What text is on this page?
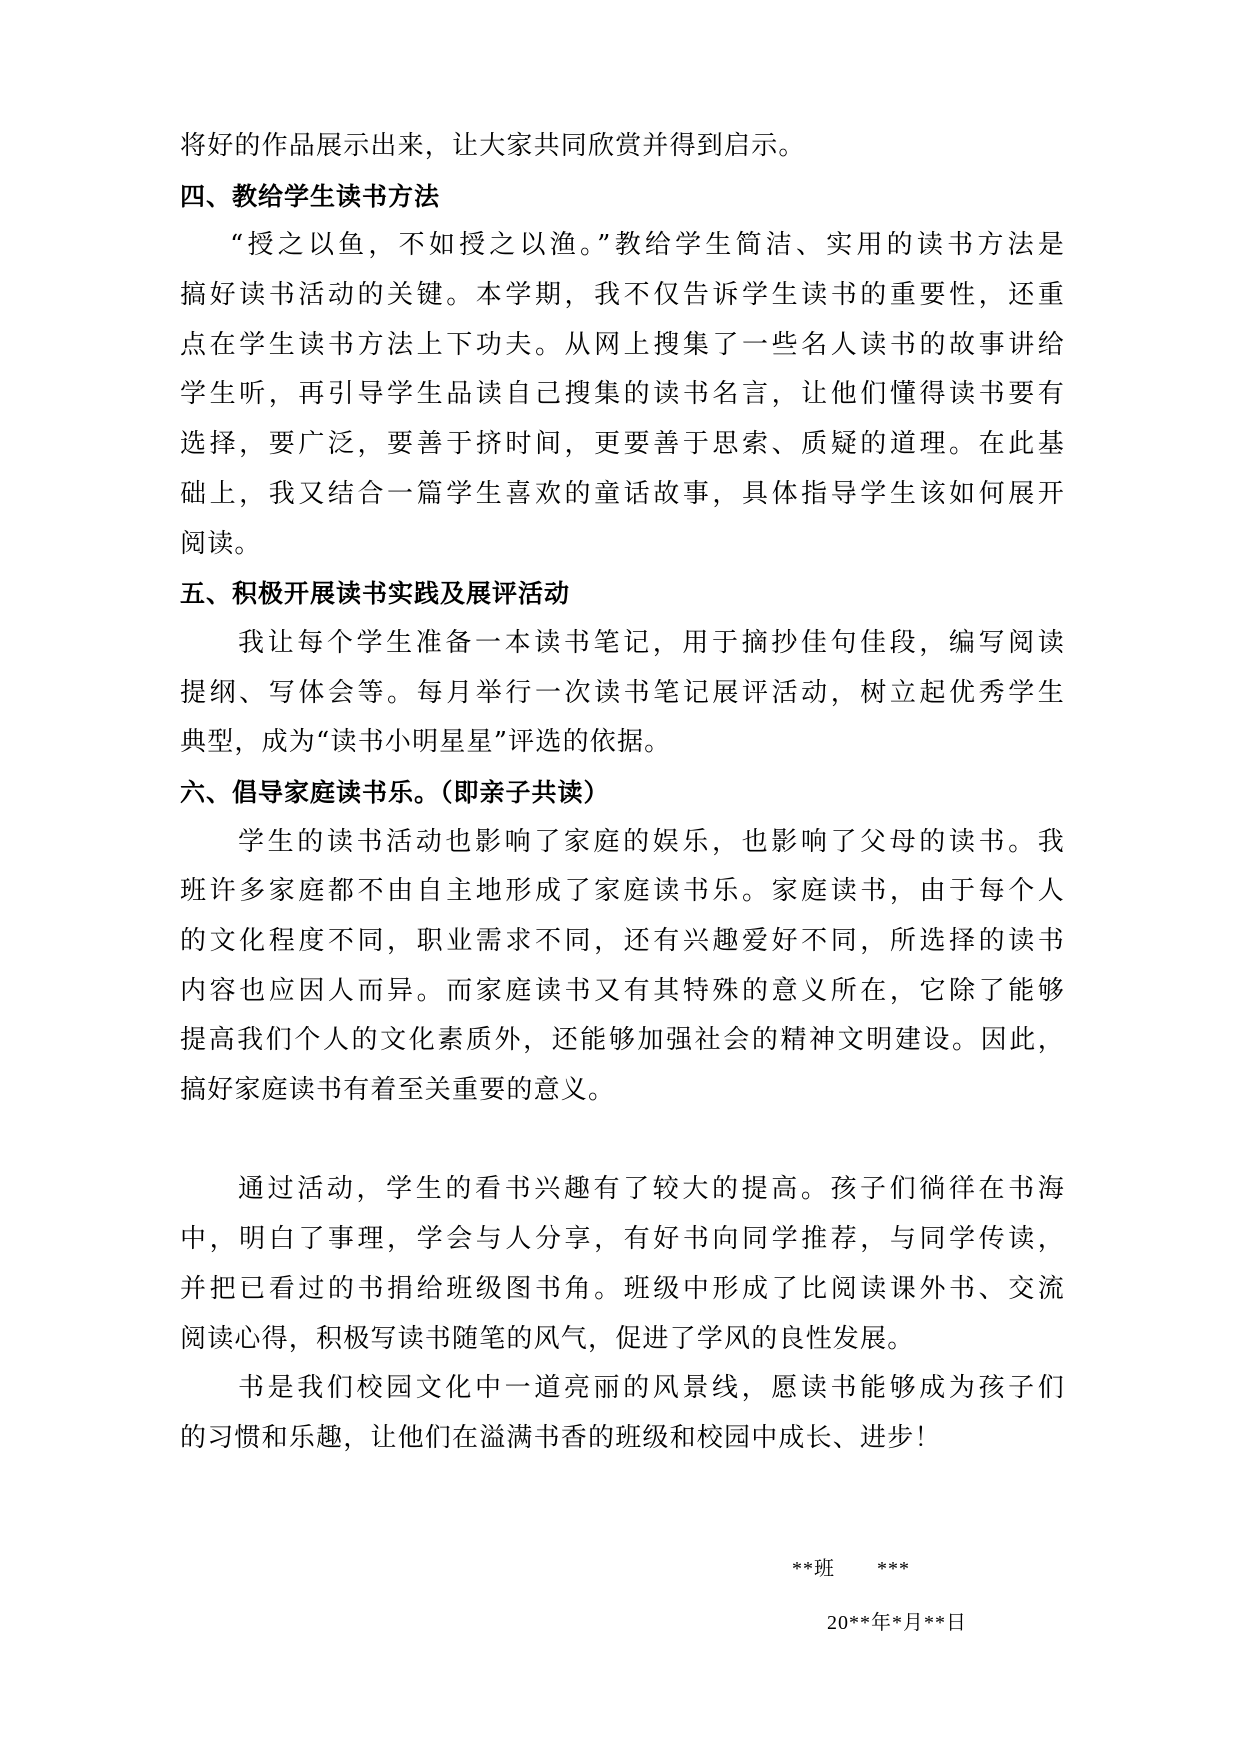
将好的作品展示出来，让大家共同欣赏并得到启示。
四、教给学生读书方法
“授之以鱼，不如授之以渔。”教给学生简洁、实用的读书方法是
搞好读书活动的关键。本学期，我不仅告诉学生读书的重要性，还重
点在学生读书方法上下功夫。从网上搜集了一些名人读书的故事讲给
学生听，再引导学生品读自己搜集的读书名言，让他们懂得读书要有
选择，要广泛，要善于挤时间，更要善于思索、质疑的道理。在此基
础上，我又结合一篇学生喜欢的童话故事，具体指导学生该如何展开
阅读。
五、积极开展读书实践及展评活动
我让每个学生准备一本读书笔记，用于摘抄佳句佳段，编写阅读
提纲、写体会等。每月举行一次读书笔记展评活动，树立起优秀学生
典型，成为“读书小明星星”评选的依据。
六、倡导家庭读书乐。（即亲子共读）
学生的读书活动也影响了家庭的娱乐，也影响了父母的读书。我
班许多家庭都不由自主地形成了家庭读书乐。家庭读书，由于每个人
的文化程度不同，职业需求不同，还有兴趣爱好不同，所选择的读书
内容也应因人而异。而家庭读书又有其特殊的意义所在，它除了能够
提高我们个人的文化素质外，还能够加强社会的精神文明建设。因此，
搞好家庭读书有着至关重要的意义。
通过活动，学生的看书兴趣有了较大的提高。孩子们徜徉在书海
中，明白了事理，学会与人分享，有好书向同学推荐，与同学传读，
并把已看过的书捐给班级图书角。班级中形成了比阅读课外书、交流
阅读心得，积极写读书随笔的风气，促进了学风的良性发展。
书是我们校园文化中一道亮丽的风景线，愿读书能够成为孩子们
的习惯和乐趣，让他们在溢满书香的班级和校园中成长、进步！
**班　　***
20**年*月**日
